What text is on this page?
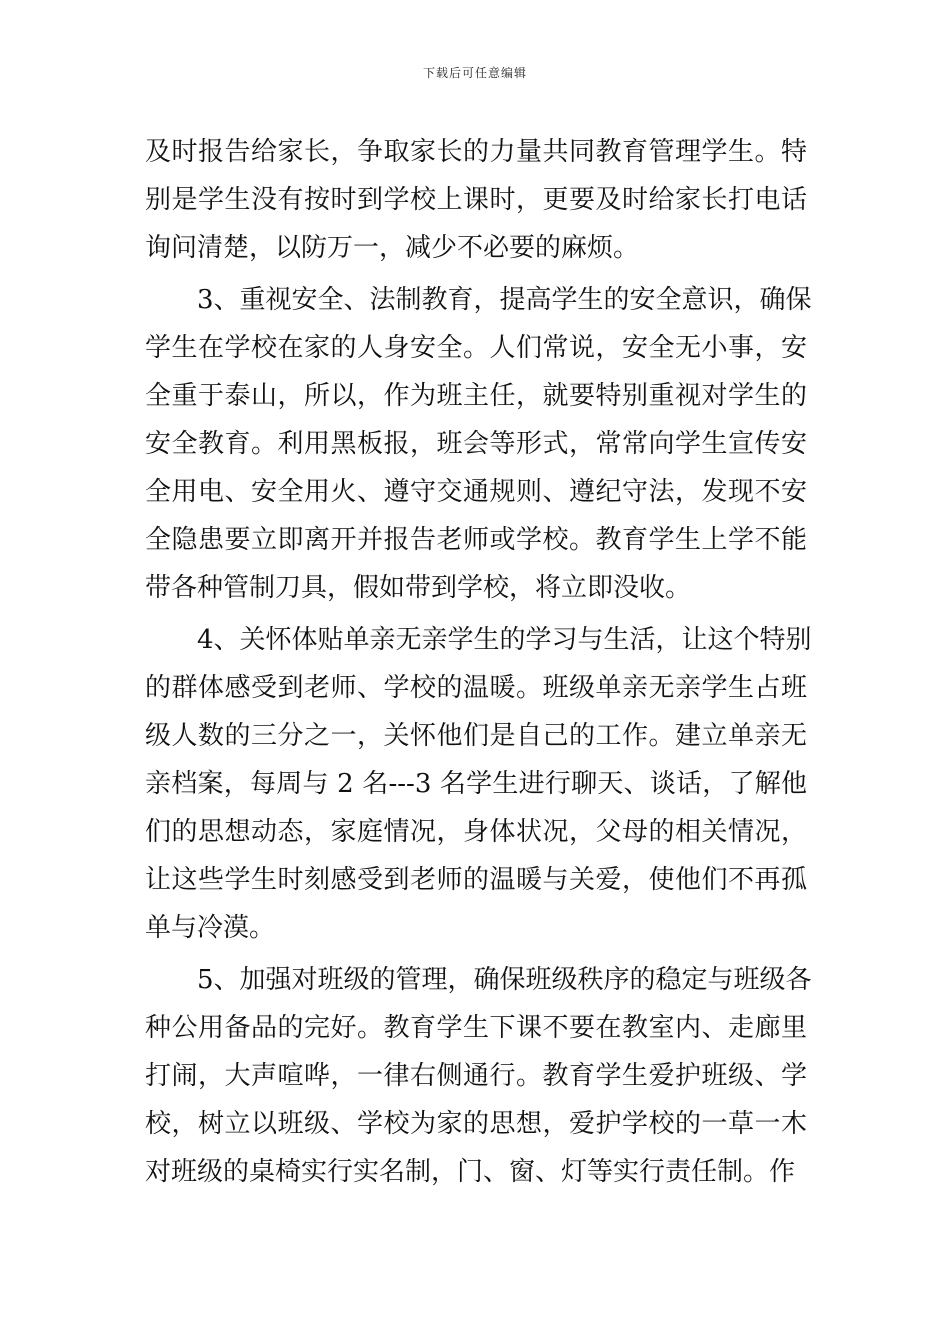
下载后可任意编辑
及时报告给家长，争取家长的力量共同教育管理学生。特
别是学生没有按时到学校上课时，更要及时给家长打电话
询问清楚，以防万一，减少不必要的麻烦。
3、重视安全、法制教育，提高学生的安全意识，确保
学生在学校在家的人身安全。人们常说，安全无小事，安
全重于泰山，所以，作为班主任，就要特别重视对学生的
安全教育。利用黑板报，班会等形式，常常向学生宣传安
全用电、安全用火、遵守交通规则、遵纪守法，发现不安
全隐患要立即离开并报告老师或学校。教育学生上学不能
带各种管制刀具，假如带到学校，将立即没收。
4、关怀体贴单亲无亲学生的学习与生活，让这个特别
的群体感受到老师、学校的温暖。班级单亲无亲学生占班
级人数的三分之一，关怀他们是自己的工作。建立单亲无
亲档案，每周与 2 名---3 名学生进行聊天、谈话，了解他
们的思想动态，家庭情况，身体状况，父母的相关情况，
让这些学生时刻感受到老师的温暖与关爱，使他们不再孤
单与冷漠。
5、加强对班级的管理，确保班级秩序的稳定与班级各
种公用备品的完好。教育学生下课不要在教室内、走廊里
打闹，大声喧哗，一律右侧通行。教育学生爱护班级、学
校，树立以班级、学校为家的思想，爱护学校的一草一木
对班级的桌椅实行实名制，门、窗、灯等实行责任制。作
